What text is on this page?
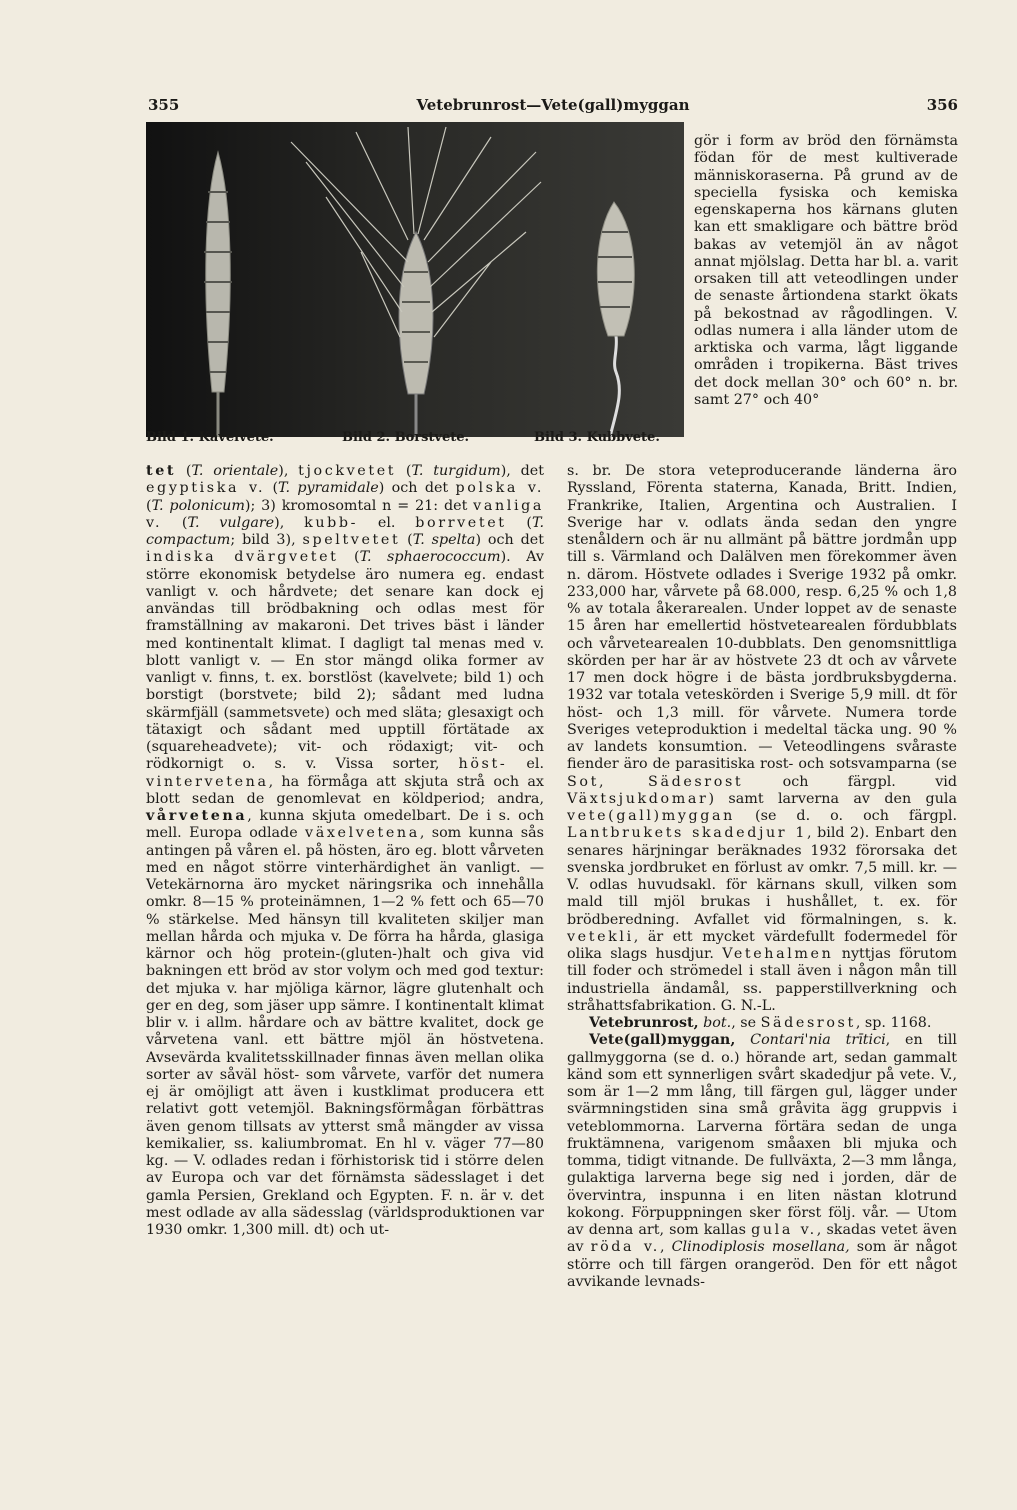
355	Vetebrunrost—Vete(gall)myggan	356
Bild 1. Kavelvete.	Bild 2. Borstvete.	Bild 3. Kubbvete.

gör i form av bröd den förnämsta födan för de mest kultiverade människoraserna. På grund av de speciella fysiska och kemiska egenskaperna hos kärnans gluten kan ett smakligare och bättre bröd bakas av vetemjöl än av något annat mjölslag. Detta har bl. a. varit orsaken till att veteodlingen under de senaste årtiondena starkt ökats på bekostnad av rågodlingen. V. odlas numera i alla länder utom de arktiska och varma, lågt liggande områden i tropikerna. Bäst trives det dock mellan 30° och 60° n. br. samt 27° och 40°

tet (T. orientale), tjockvetet (T. turgidum), det egyptiska v. (T. pyramidale) och det polska v. (T. polonicum); 3) kromosomtal n = 21: det vanliga v. (T. vulgare), kubb- el. borrvetet (T. compactum; bild 3), speltvetet (T. spelta) och det indiska dvärgvetet (T. sphaerococcum). Av större ekonomisk betydelse äro numera eg. endast vanligt v. och hårdvete; det senare kan dock ej användas till brödbakning och odlas mest för framställning av makaroni. Det trives bäst i länder med kontinentalt klimat. I dagligt tal menas med v. blott vanligt v. — En stor mängd olika former av vanligt v. finns, t. ex. borstlöst (kavelvete; bild 1) och borstigt (borstvete; bild 2); sådant med ludna skärmfjäll (sammetsvete) och med släta; glesaxigt och tätaxigt och sådant med upptill förtätade ax (squareheadvete); vit- och rödaxigt; vit- och rödkornigt o. s. v. Vissa sorter, höst- el. vintervetena, ha förmåga att skjuta strå och ax blott sedan de genomlevat en köldperiod; andra, vårvetena, kunna skjuta omedelbart. De i s. och mell. Europa odlade växelvetena, som kunna sås antingen på våren el. på hösten, äro eg. blott vårveten med en något större vinterhärdighet än vanligt. — Vetekärnorna äro mycket näringsrika och innehålla omkr. 8—15 % proteinämnen, 1—2 % fett och 65—70 % stärkelse. Med hänsyn till kvaliteten skiljer man mellan hårda och mjuka v. De förra ha hårda, glasiga kärnor och hög protein-(gluten-)halt och giva vid bakningen ett bröd av stor volym och med god textur: det mjuka v. har mjöliga kärnor, lägre glutenhalt och ger en deg, som jäser upp sämre. I kontinentalt klimat blir v. i allm. hårdare och av bättre kvalitet, dock ge vårvetena vanl. ett bättre mjöl än höstvetena. Avsevärda kvalitetsskillnader finnas även mellan olika sorter av såväl höst- som vårvete, varför det numera ej är omöjligt att även i kustklimat producera ett relativt gott vetemjöl. Bakningsförmågan förbättras även genom tillsats av ytterst små mängder av vissa kemikalier, ss. kaliumbromat. En hl v. väger 77—80 kg. — V. odlades redan i förhistorisk tid i större delen av Europa och var det förnämsta sädesslaget i det gamla Persien, Grekland och Egypten. F. n. är v. det mest odlade av alla sädesslag (världsproduktionen var 1930 omkr. 1,300 mill. dt) och ut-

s. br. De stora veteproducerande länderna äro Ryssland, Förenta staterna, Kanada, Britt. Indien, Frankrike, Italien, Argentina och Australien. I Sverige har v. odlats ända sedan den yngre stenåldern och är nu allmänt på bättre jordmån upp till s. Värmland och Dalälven men förekommer även n. därom. Höstvete odlades i Sverige 1932 på omkr. 233,000 har, vårvete på 68.000, resp. 6,25 % och 1,8 % av totala åkerarealen. Under loppet av de senaste 15 åren har emellertid höstvetearealen fördubblats och vårvetearealen 10-dubblats. Den genomsnittliga skörden per har är av höstvete 23 dt och av vårvete 17 men dock högre i de bästa jordbruksbygderna. 1932 var totala veteskörden i Sverige 5,9 mill. dt för höst- och 1,3 mill. för vårvete. Numera torde Sveriges veteproduktion i medeltal täcka ung. 90 % av landets konsumtion. — Veteodlingens svåraste fiender äro de parasitiska rost- och sotsvamparna (se Sot, Sädesrost och färgpl. vid Växtsjukdomar) samt larverna av den gula vete(gall)myggan (se d. o. och färgpl. Lantbrukets skadedjur 1, bild 2). Enbart den senares härjningar beräknades 1932 förorsaka det svenska jordbruket en förlust av omkr. 7,5 mill. kr. — V. odlas huvudsakl. för kärnans skull, vilken som mald till mjöl brukas i hushållet, t. ex. för brödberedning. Avfallet vid förmalningen, s. k. vetekli, är ett mycket värdefullt fodermedel för olika slags husdjur. Vetehalmen nyttjas förutom till foder och strömedel i stall även i någon mån till industriella ändamål, ss. papperstillverkning och stråhattsfabrikation. G. N.-L.

Vetebrunrost, bot., se Sädesrost, sp. 1168.

Vete(gall)myggan, Contari'nia trītici, en till gallmyggorna (se d. o.) hörande art, sedan gammalt känd som ett synnerligen svårt skadedjur på vete. V., som är 1—2 mm lång, till färgen gul, lägger under svärmningstiden sina små gråvita ägg gruppvis i veteblommorna. Larverna förtära sedan de unga fruktämnena, varigenom småaxen bli mjuka och tomma, tidigt vitnande. De fullväxta, 2—3 mm långa, gulaktiga larverna bege sig ned i jorden, där de övervintra, inspunna i en liten nästan klotrund kokong. Förpuppningen sker först följ. vår. — Utom av denna art, som kallas gula v., skadas vetet även av röda v., Clinodiplosis mosellana, som är något större och till färgen orangeröd. Den för ett något avvikande levnads-
